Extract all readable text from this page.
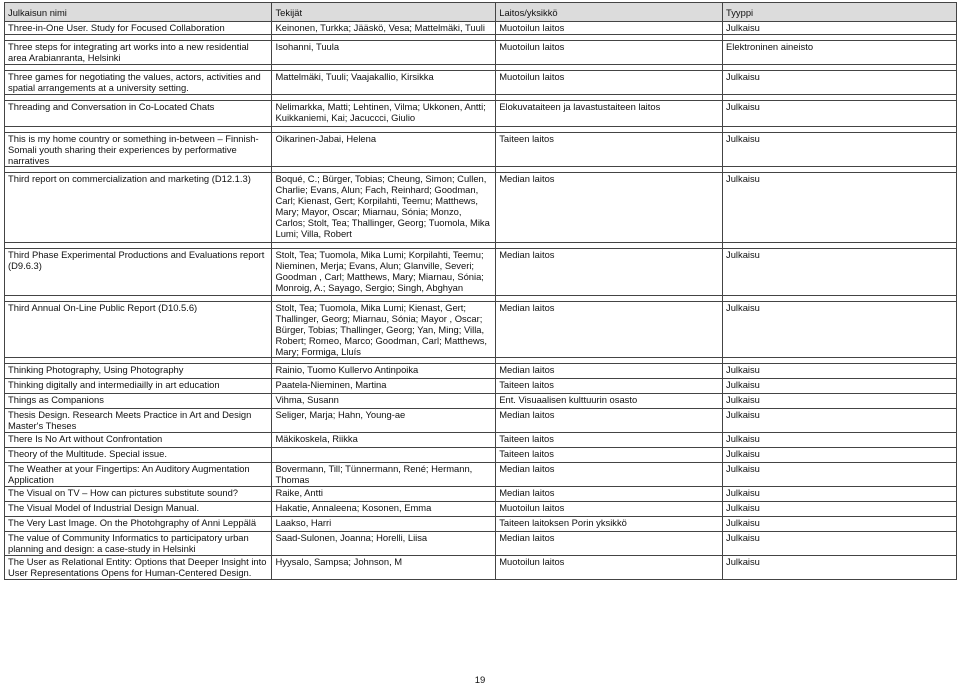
Julkaisun nimi	Tekijät	Laitos/yksikkö	Tyyppi
Three-in-One User. Study for Focused Collaboration	Keinonen, Turkka; Jääskö, Vesa; Mattelmäki, Tuuli	Muotoilun laitos	Julkaisu

Three steps for integrating art works into a new residential area Arabianranta, Helsinki	Isohanni, Tuula	Muotoilun laitos	Elektroninen aineisto

Three games for negotiating the values, actors, activities and spatial arrangements at a university setting.	Mattelmäki, Tuuli; Vaajakallio, Kirsikka	Muotoilun laitos	Julkaisu

Threading and Conversation in Co-Located Chats	Nelimarkka, Matti; Lehtinen, Vilma; Ukkonen, Antti; Kuikkaniemi, Kai; Jacuccci, Giulio	Elokuvataiteen ja lavastustaiteen laitos	Julkaisu

This is my home country or something in-between – Finnish-Somali youth sharing their experiences by performative narratives	Oikarinen-Jabai, Helena	Taiteen laitos	Julkaisu

Third report on commercialization and marketing (D12.1.3)	Boqué, C.; Bürger, Tobias; Cheung, Simon; Cullen, Charlie; Evans, Alun; Fach, Reinhard; Goodman, Carl; Kienast, Gert; Korpilahti, Teemu; Matthews, Mary; Mayor, Oscar; Miarnau, Sónia; Monzo, Carlos; Stolt, Tea; Thallinger, Georg; Tuomola, Mika Lumi; Villa, Robert	Median laitos	Julkaisu

Third Phase Experimental Productions and Evaluations report (D9.6.3)	Stolt, Tea; Tuomola, Mika Lumi; Korpilahti, Teemu; Nieminen, Merja; Evans, Alun; Glanville, Severi; Goodman , Carl; Matthews, Mary; Miarnau, Sónia; Monroig, A.; Sayago, Sergio; Singh, Abghyan	Median laitos	Julkaisu

Third Annual On-Line Public Report (D10.5.6)	Stolt, Tea; Tuomola, Mika Lumi; Kienast, Gert; Thallinger, Georg; Miarnau, Sónia; Mayor , Oscar; Bürger, Tobias; Thallinger, Georg; Yan, Ming; Villa, Robert; Romeo, Marco; Goodman, Carl; Matthews, Mary; Formiga, Lluís	Median laitos	Julkaisu

Thinking Photography, Using Photography	Rainio, Tuomo Kullervo Antinpoika	Median laitos	Julkaisu
Thinking digitally and intermediailly in art education	Paatela-Nieminen, Martina	Taiteen laitos	Julkaisu
Things as Companions	Vihma, Susann	Ent. Visuaalisen kulttuurin osasto	Julkaisu
Thesis Design. Research Meets Practice in Art and Design Master's Theses	Seliger, Marja; Hahn, Young-ae	Median laitos	Julkaisu
There Is No Art without Confrontation	Mäkikoskela, Riikka	Taiteen laitos	Julkaisu
Theory of the Multitude. Special issue.		Taiteen laitos	Julkaisu
The Weather at your Fingertips: An Auditory Augmentation Application	Bovermann, Till; Tünnermann, René; Hermann, Thomas	Median laitos	Julkaisu
The Visual on TV – How can pictures substitute sound?	Raike, Antti	Median laitos	Julkaisu
The Visual Model of Industrial Design Manual.	Hakatie, Annaleena; Kosonen, Emma	Muotoilun laitos	Julkaisu
The Very Last Image. On the Photohgraphy of Anni Leppälä	Laakso, Harri	Taiteen laitoksen Porin yksikkö	Julkaisu
The value of Community Informatics to participatory urban planning and design: a case-study in Helsinki	Saad-Sulonen, Joanna; Horelli, Liisa	Median laitos	Julkaisu
The User as Relational Entity: Options that Deeper Insight into User Representations Opens for Human-Centered Design.	Hyysalo, Sampsa; Johnson, M	Muotoilun laitos	Julkaisu
19
